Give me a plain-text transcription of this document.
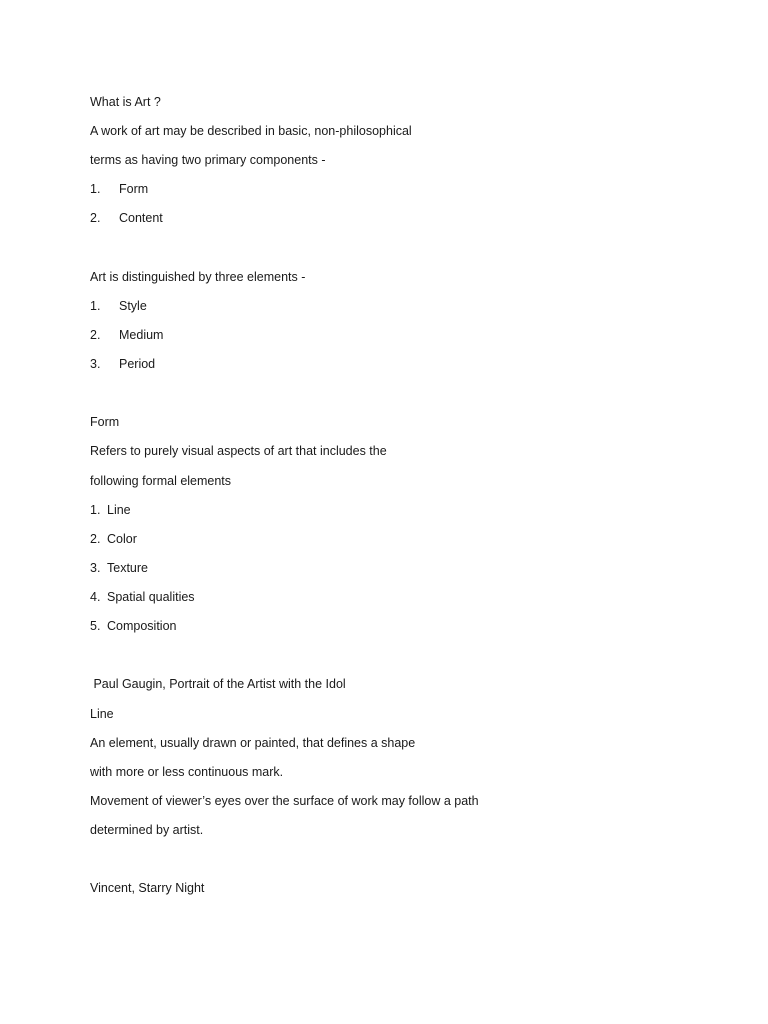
What is Art ?
A work of art may be described in basic, non-philosophical
terms as having two primary components -
1. Form
2. Content
Art is distinguished by three elements -
1. Style
2. Medium
3. Period
Form
Refers to purely visual aspects of art that includes the
following formal elements
1. Line
2. Color
3. Texture
4. Spatial qualities
5. Composition
Paul Gaugin, Portrait of the Artist with the Idol
Line
An element, usually drawn or painted, that defines a shape
with more or less continuous mark.
Movement of viewer’s eyes over the surface of work may follow a path
determined by artist.
Vincent, Starry Night
